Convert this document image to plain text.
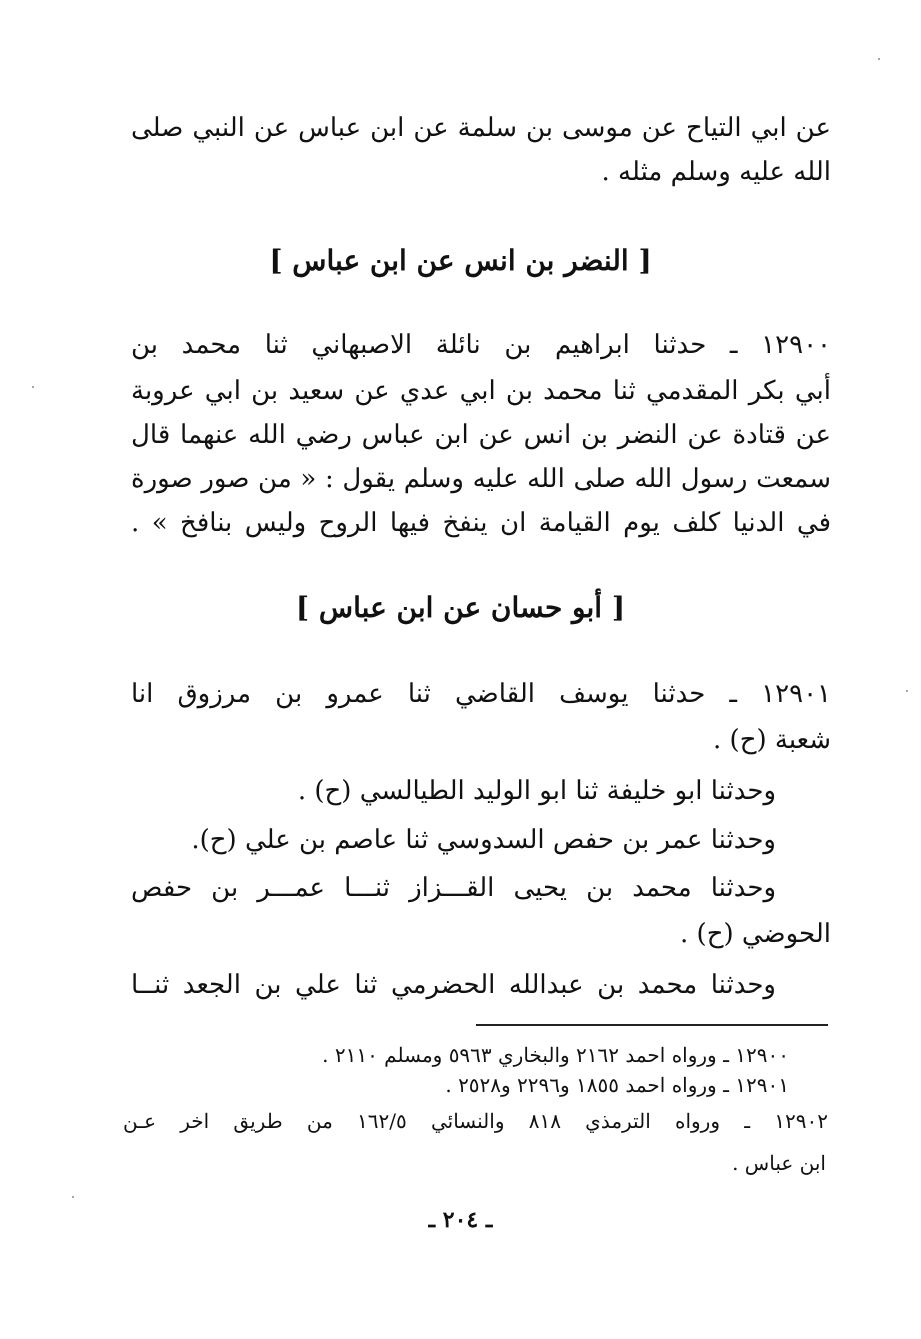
عن ابي التياح عن موسى بن سلمة عن ابن عباس عن النبي صلى
الله عليه وسلم مثله .
[ النضر بن انس عن ابن عباس ]
١٢٩٠٠ ـ حدثنا ابراهيم بن نائلة الاصبهاني ثنا محمد بن
أبي بكر المقدمي ثنا محمد بن ابي عدي عن سعيد بن ابي عروبة
عن قتادة عن النضر بن انس عن ابن عباس رضي الله عنهما قال
سمعت رسول الله صلى الله عليه وسلم يقول : « من صور صورة
في الدنيا كلف يوم القيامة ان ينفخ فيها الروح وليس بنافخ » .
[ أبو حسان عن ابن عباس ]
١٢٩٠١ ـ حدثنا يوسف القاضي ثنا عمرو بن مرزوق انا
شعبة (ح) .
وحدثنا ابو خليفة ثنا ابو الوليد الطيالسي (ح) .
وحدثنا عمر بن حفص السدوسي ثنا عاصم بن علي (ح).
وحدثنا محمد بن يحيى القـــزاز ثنـــا عمـــر بن حفص
الحوضي (ح) .
وحدثنا محمد بن عبدالله الحضرمي ثنا علي بن الجعد ثنــا
١٢٩٠٠ ـ ورواه احمد ٢١٦٢ والبخاري ٥٩٦٣ ومسلم ٢١١٠ .
١٢٩٠١ ـ ورواه احمد ١٨٥٥ و٢٢٩٦ و٢٥٢٨ .
١٢٩٠٢ ـ ورواه الترمذي ٨١٨ والنسائي ١٦٢/٥ من طريق اخر عـن
ابن عباس .
ـ ٢٠٤ ـ
